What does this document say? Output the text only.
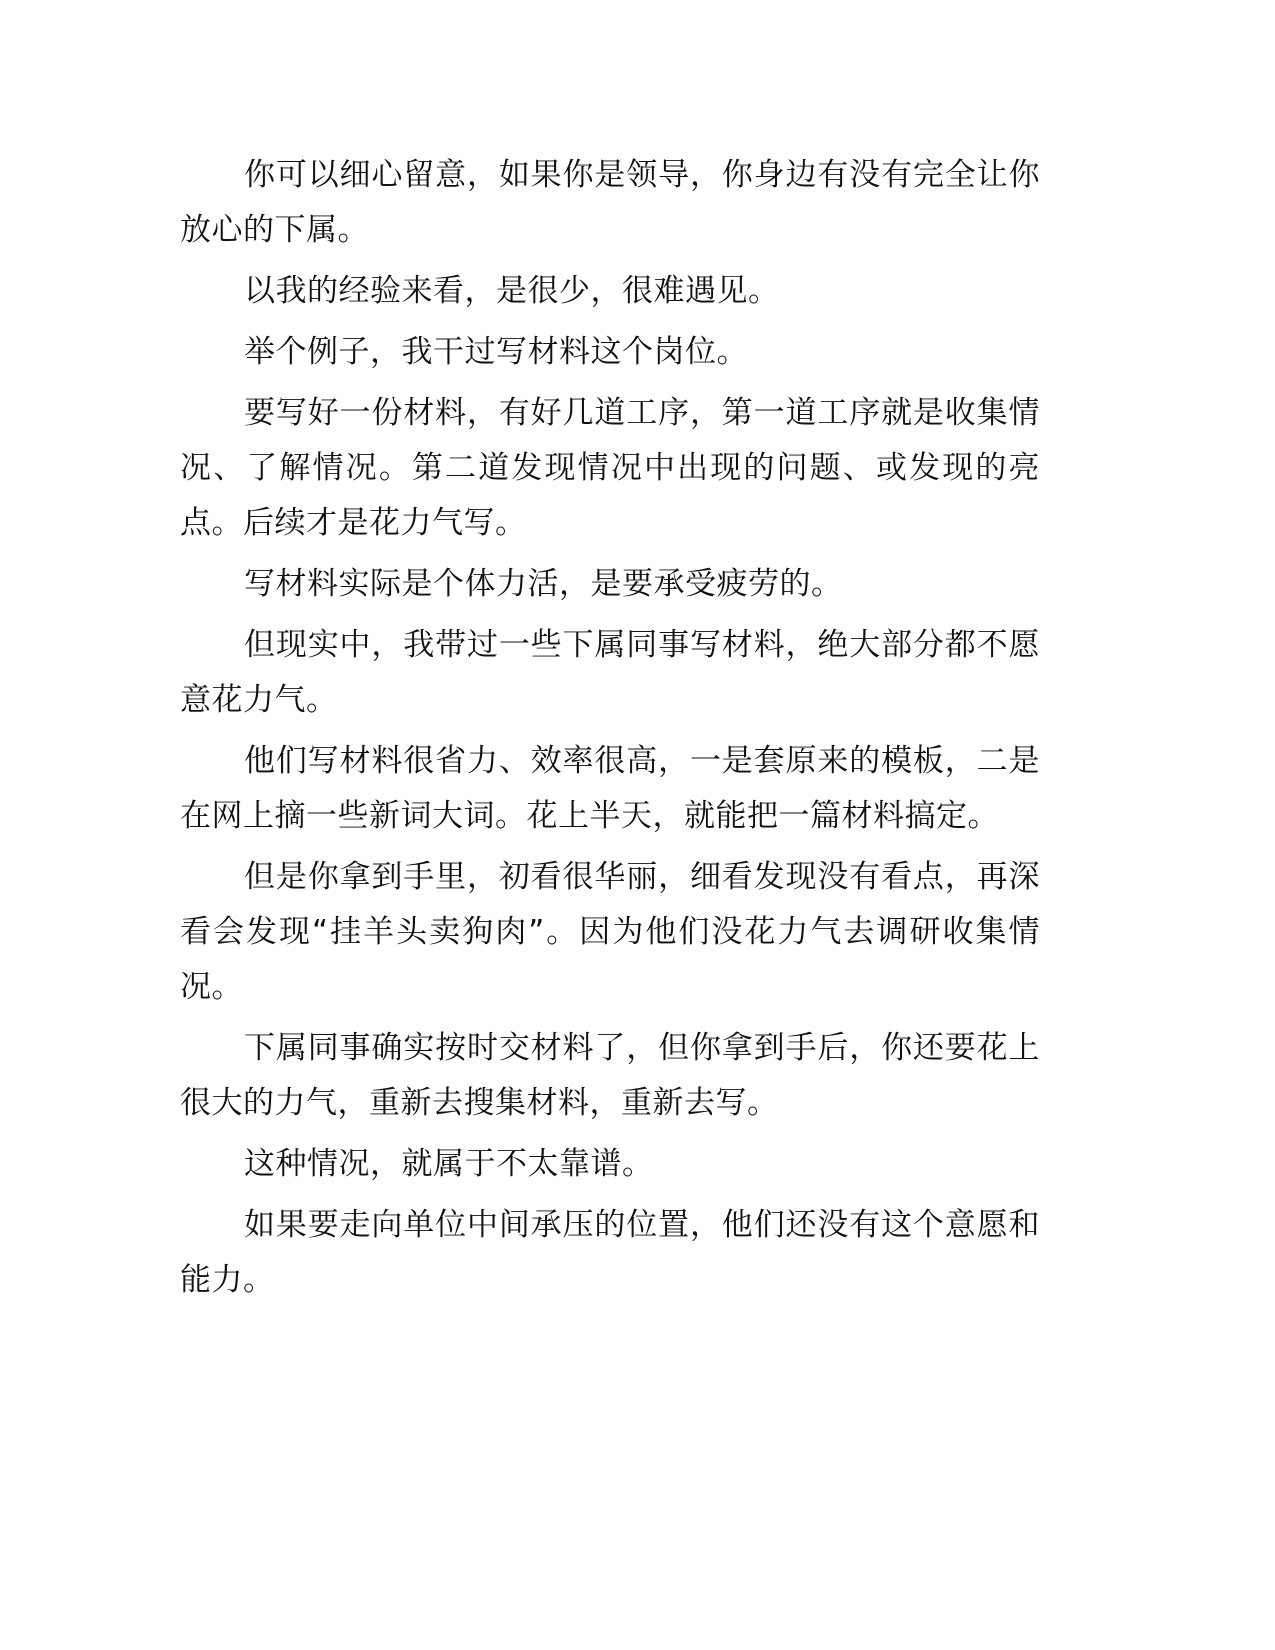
你可以细心留意，如果你是领导，你身边有没有完全让你放心的下属。

以我的经验来看，是很少，很难遇见。

举个例子，我干过写材料这个岗位。

要写好一份材料，有好几道工序，第一道工序就是收集情况、了解情况。第二道发现情况中出现的问题、或发现的亮点。后续才是花力气写。

写材料实际是个体力活，是要承受疲劳的。

但现实中，我带过一些下属同事写材料，绝大部分都不愿意花力气。

他们写材料很省力、效率很高，一是套原来的模板，二是在网上摘一些新词大词。花上半天，就能把一篇材料搞定。

但是你拿到手里，初看很华丽，细看发现没有看点，再深看会发现“挂羊头卖狗肉”。因为他们没花力气去调研收集情况。

下属同事确实按时交材料了，但你拿到手后，你还要花上很大的力气，重新去搜集材料，重新去写。

这种情况，就属于不太靠谱。

如果要走向单位中间承压的位置，他们还没有这个意愿和能力。
